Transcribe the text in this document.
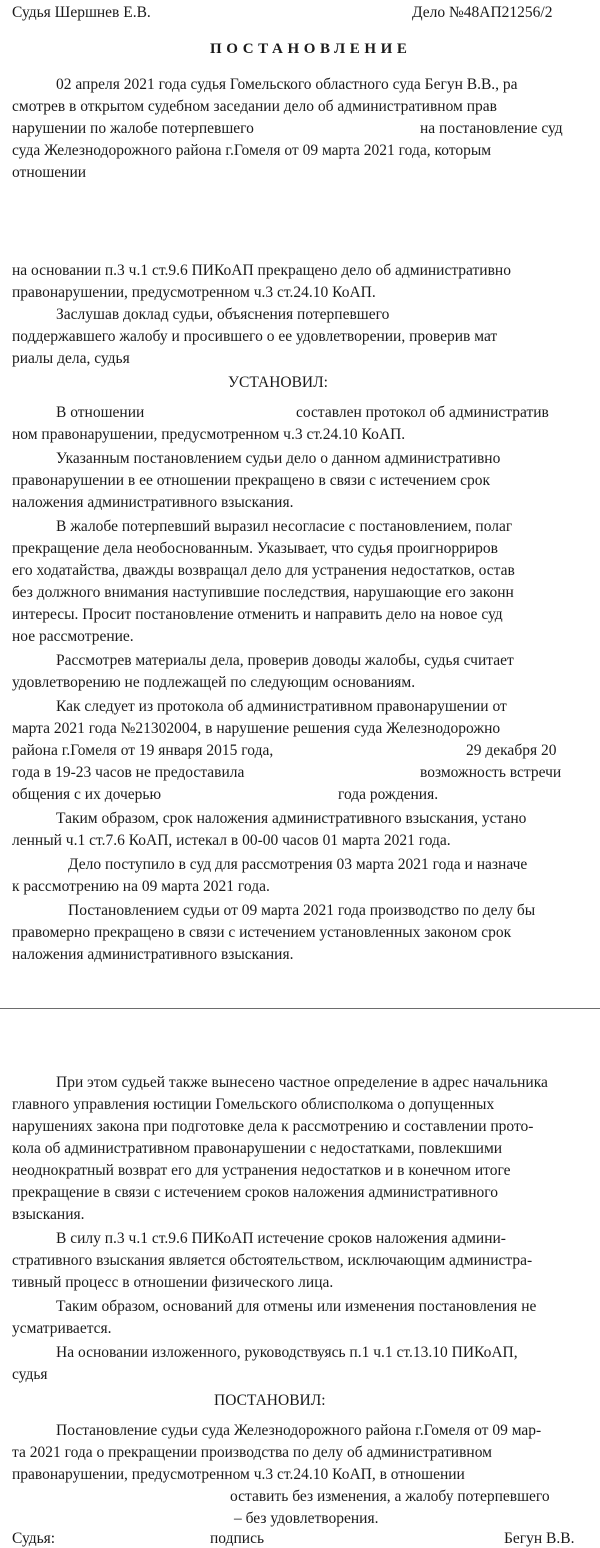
Судья Шершнев Е.В.	Дело №48АП21256/2
ПОСТАНОВЛЕНИЕ
02 апреля 2021 года судья Гомельского областного суда Бегун В.В., ра
смотрев в открытом судебном заседании дело об административном прав
нарушении по жалобе потерпевшего	на постановление суд
суда Железнодорожного района г.Гомеля от 09 марта 2021 года, которым
отношении
на основании п.3 ч.1 ст.9.6 ПИКоАП прекращено дело об административно
правонарушении, предусмотренном ч.3 ст.24.10 КоАП.
Заслушав доклад судьи, объяснения потерпевшего
поддержавшего жалобу и просившего о ее удовлетворении, проверив мат
риалы дела, судья
УСТАНОВИЛ:
В отношении	составлен протокол об административ
ном правонарушении, предусмотренном ч.3 ст.24.10 КоАП.
Указанным постановлением судьи дело о данном административно
правонарушении в ее отношении прекращено в связи с истечением срок
наложения административного взыскания.
В жалобе потерпевший выразил несогласие с постановлением, полаг
прекращение дела необоснованным. Указывает, что судья проигнорриров
его ходатайства, дважды возвращал дело для устранения недостатков, остав
без должного внимания наступившие последствия, нарушающие его законн
интересы. Просит постановление отменить и направить дело на новое суд
ное рассмотрение.
Рассмотрев материалы дела, проверив доводы жалобы, судья считает
удовлетворению не подлежащей по следующим основаниям.
Как следует из протокола об административном правонарушении от
марта 2021 года №21302004, в нарушение решения суда Железнодорожно
района г.Гомеля от 19 января 2015 года,	29 декабря 20
года в 19-23 часов не предоставила	возможность встречи
общения с их дочерью	года рождения.
Таким образом, срок наложения административного взыскания, устано
ленный ч.1 ст.7.6 КоАП, истекал в 00-00 часов 01 марта 2021 года.
Дело поступило в суд для рассмотрения 03 марта 2021 года и назначе
к рассмотрению на 09 марта 2021 года.
Постановлением судьи от 09 марта 2021 года производство по делу бы
правомерно прекращено в связи с истечением установленных законом срок
наложения административного взыскания.
При этом судьей также вынесено частное определение в адрес начальника
главного управления юстиции Гомельского облисполкома о допущенных
нарушениях закона при подготовке дела к рассмотрению и составлении прото-
кола об административном правонарушении с недостатками, повлекшими
неоднократный возврат его для устранения недостатков и в конечном итоге
прекращение в связи с истечением сроков наложения административного
взыскания.
В силу п.3 ч.1 ст.9.6 ПИКоАП истечение сроков наложения админи-
стративного взыскания является обстоятельством, исключающим администра-
тивный процесс в отношении физического лица.
Таким образом, оснований для отмены или изменения постановления не
усматривается.
На основании изложенного, руководствуясь п.1 ч.1 ст.13.10 ПИКоАП,
судья
ПОСТАНОВИЛ:
Постановление судьи суда Железнодорожного района г.Гомеля от 09 мар-
та 2021 года о прекращении производства по делу об административном
правонарушении, предусмотренном ч.3 ст.24.10 КоАП, в отношении
оставить без изменения, а жалобу потерпевшего
– без удовлетворения.
Судья:	подпись	Бегун В.В.
